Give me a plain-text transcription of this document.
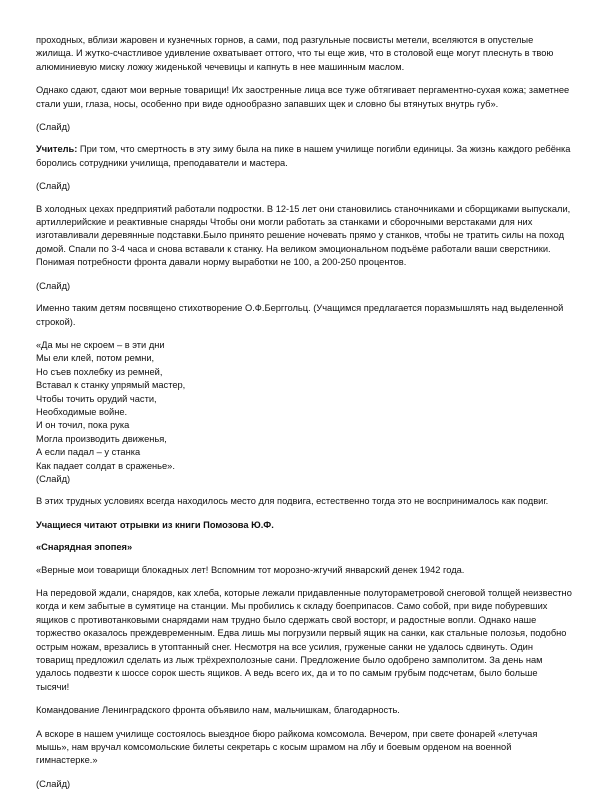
проходных, вблизи жаровен и кузнечных горнов, а сами, под разгульные посвисты метели, вселяются в опустелые жилища. И жутко-счастливое удивление охватывает оттого, что ты еще жив, что в столовой еще могут плеснуть в твою алюминиевую миску ложку жиденькой чечевицы и капнуть в нее машинным маслом.

Однако сдают, сдают мои верные товарищи! Их заостренные лица все туже обтягивает пергаментно-сухая кожа; заметнее стали уши, глаза, носы, особенно при виде однообразно запавших щек и словно бы втянутых внутрь губ».

(Слайд)

Учитель: При том, что смертность в эту зиму была на пике в нашем училище погибли единицы. За жизнь каждого ребёнка боролись сотрудники училища, преподаватели и мастера.

(Слайд)

В холодных цехах предприятий работали подростки. В 12-15 лет они становились станочниками и сборщиками выпускали, артиллерийские и реактивные снаряды Чтобы они могли работать за станками и сборочными верстаками для них изготавливали деревянные подставки.Было принято решение ночевать прямо у станков, чтобы не тратить силы на поход домой. Спали по 3-4 часа и снова вставали к станку. На великом эмоциональном подъёме работали ваши сверстники. Понимая потребности фронта давали норму выработки не 100, а 200-250 процентов.

(Слайд)

Именно таким детям посвящено стихотворение О.Ф.Берггольц. (Учащимся предлагается поразмышлять над выделенной строкой).

«Да мы не скроем – в эти дни
Мы ели клей, потом ремни,
Но съев похлебку из ремней,
Вставал к станку упрямый мастер,
Чтобы точить орудий части,
Необходимые войне.
И он точил, пока рука
Могла производить движенья,
А если падал – у станка
Как падает солдат в сраженье».
(Слайд)

В этих трудных условиях всегда находилось место для подвига, естественно тогда это не воспринималось как подвиг.

Учащиеся читают отрывки из книги Помозова Ю.Ф.
«Снарядная эпопея»

«Верные мои товарищи блокадных лет! Вспомним тот морозно-жгучий январский денек 1942 года.

На передовой ждали, снарядов, как хлеба, которые лежали придавленные полутораметровой снеговой толщей неизвестно когда и кем забытые в сумятице на станции. Мы пробились к складу боеприпасов. Само собой, при виде побуревших ящиков с противотанковыми снарядами нам трудно было сдержать свой восторг, и радостные вопли. Однако наше торжество оказалось преждевременным. Едва лишь мы погрузили первый ящик на санки, как стальные полозья, подобно острым ножам, врезались в утоптанный снег. Несмотря на все усилия, груженые санки не удалось сдвинуть. Один товарищ предложил сделать из лыж трёхрехполозные сани. Предложение было одобрено замполитом. За день нам удалось подвезти к шоссе сорок шесть ящиков. А ведь всего их, да и то по самым грубым подсчетам, было больше тысячи!

Командование Ленинградского фронта объявило нам, мальчишкам, благодарность.

А вскоре в нашем училище состоялось выездное бюро райкома комсомола. Вечером, при свете фонарей «летучая мышь», нам вручал комсомольские билеты секретарь с косым шрамом на лбу и боевым орденом на военной гимнастерке.»

(Слайд)
